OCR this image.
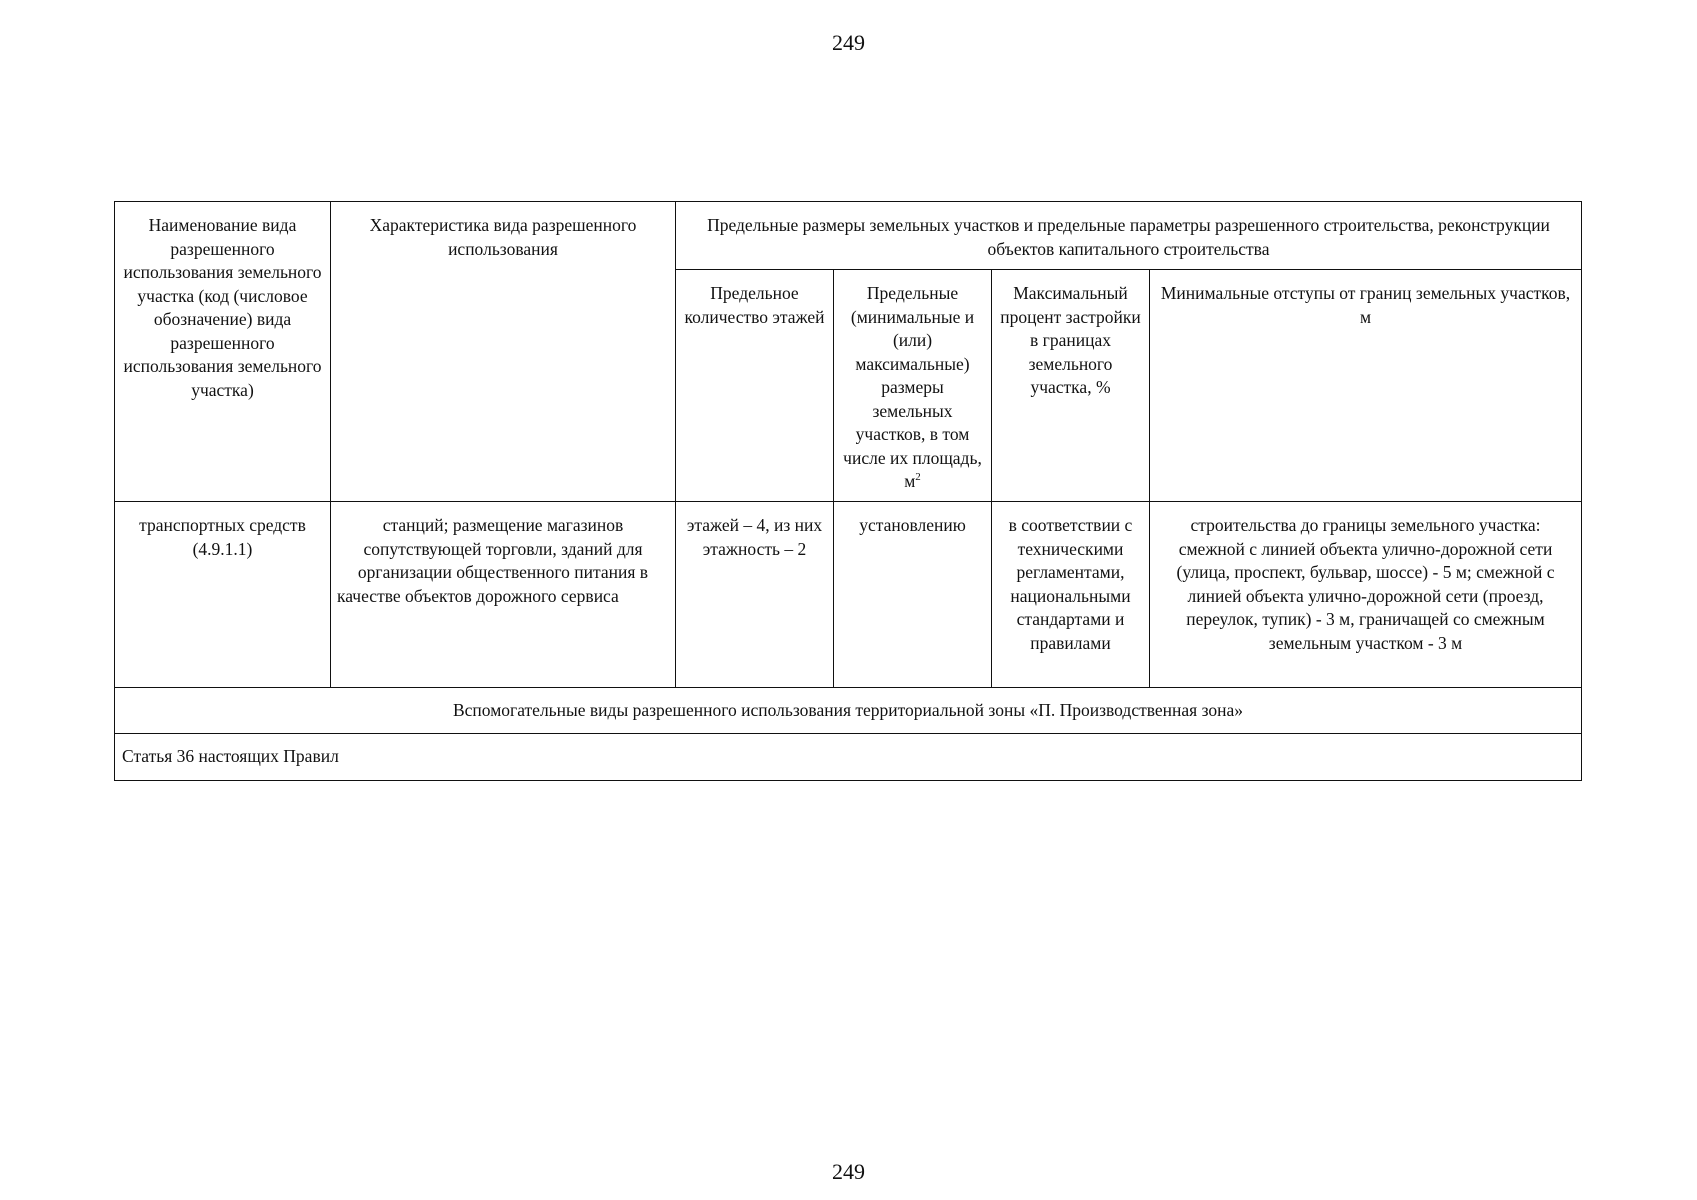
249
Наименование вида разрешенного использования земельного участка (код (числовое обозначение) вида разрешенного использования земельного участка)	Характеристика вида разрешенного использования	Предельные размеры земельных участков и предельные параметры разрешенного строительства, реконструкции объектов капитального строительства			
		Предельное количество этажей	Предельные (минимальные и (или) максимальные) размеры земельных участков, в том числе их площадь, $м^2$	Максимальный процент застройки в границах земельного участка, %	Минимальные отступы от границ земельных участков, м
транспортных средств (4.9.1.1)	станций; размещение магазинов сопутствующей торговли, зданий для организации общественного питания в качестве объектов дорожного сервиса	этажей – 4, из них этажность – 2	установлению	в соответствии с техническими регламентами, национальными стандартами и правилами	строительства до границы земельного участка: смежной с линией объекта улично-дорожной сети (улица, проспект, бульвар, шоссе) - 5 м; смежной с линией объекта улично-дорожной сети (проезд, переулок, тупик) - 3 м, граничащей со смежным земельным участком - 3 м
Вспомогательные виды разрешенного использования территориальной зоны «П. Производственная зона»					
Статья 36 настоящих Правил					
249
